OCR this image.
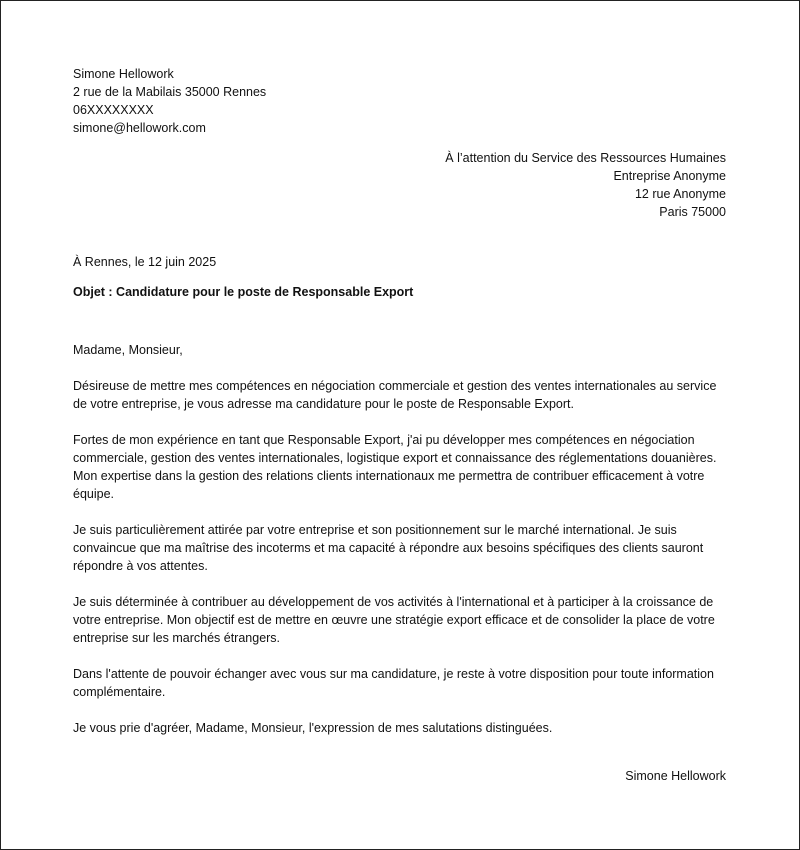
Simone Hellowork
2 rue de la Mabilais 35000 Rennes
06XXXXXXXX
simone@hellowork.com
À l’attention du Service des Ressources Humaines
Entreprise Anonyme
12 rue Anonyme
Paris 75000
À Rennes, le 12 juin 2025
Objet : Candidature pour le poste de Responsable Export

Madame, Monsieur,

Désireuse de mettre mes compétences en négociation commerciale et gestion des ventes internationales au service de votre entreprise, je vous adresse ma candidature pour le poste de Responsable Export.

Fortes de mon expérience en tant que Responsable Export, j'ai pu développer mes compétences en négociation commerciale, gestion des ventes internationales, logistique export et connaissance des réglementations douanières. Mon expertise dans la gestion des relations clients internationaux me permettra de contribuer efficacement à votre équipe.

Je suis particulièrement attirée par votre entreprise et son positionnement sur le marché international. Je suis convaincue que ma maîtrise des incoterms et ma capacité à répondre aux besoins spécifiques des clients sauront répondre à vos attentes.

Je suis déterminée à contribuer au développement de vos activités à l'international et à participer à la croissance de votre entreprise. Mon objectif est de mettre en œuvre une stratégie export efficace et de consolider la place de votre entreprise sur les marchés étrangers.

Dans l'attente de pouvoir échanger avec vous sur ma candidature, je reste à votre disposition pour toute information complémentaire.

Je vous prie d'agréer, Madame, Monsieur, l'expression de mes salutations distinguées.

Simone Hellowork
